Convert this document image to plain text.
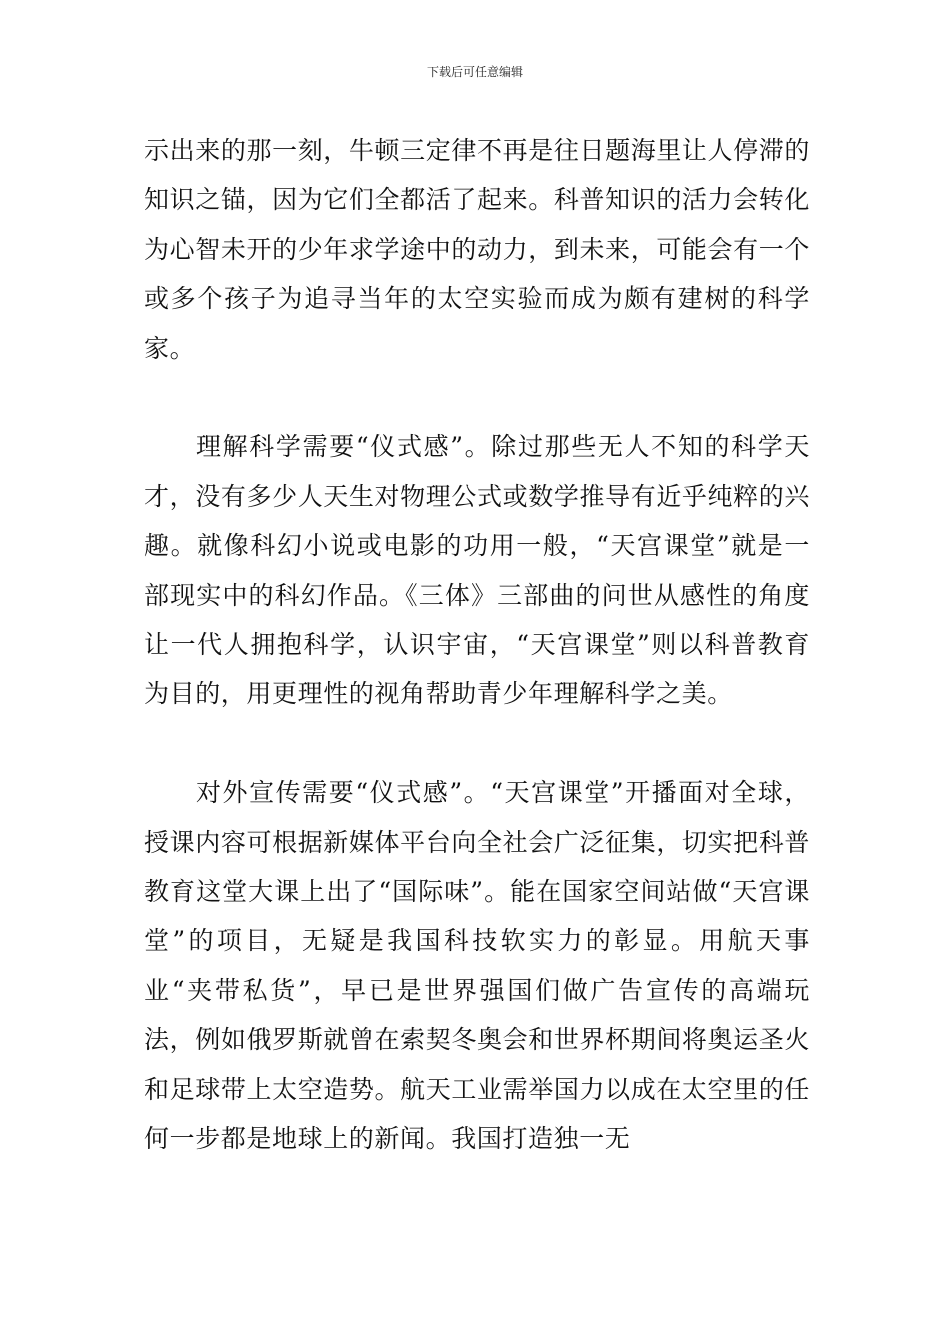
下载后可任意编辑

示出来的那一刻，牛顿三定律不再是往日题海里让人停滞的知识之锚，因为它们全都活了起来。科普知识的活力会转化为心智未开的少年求学途中的动力，到未来，可能会有一个或多个孩子为追寻当年的太空实验而成为颇有建树的科学家。

理解科学需要“仪式感”。除过那些无人不知的科学天才，没有多少人天生对物理公式或数学推导有近乎纯粹的兴趣。就像科幻小说或电影的功用一般，“天宫课堂”就是一部现实中的科幻作品。《三体》三部曲的问世从感性的角度让一代人拥抱科学，认识宇宙，“天宫课堂”则以科普教育为目的，用更理性的视角帮助青少年理解科学之美。

对外宣传需要“仪式感”。“天宫课堂”开播面对全球，授课内容可根据新媒体平台向全社会广泛征集，切实把科普教育这堂大课上出了“国际味”。能在国家空间站做“天宫课堂”的项目，无疑是我国科技软实力的彰显。用航天事业“夹带私货”，早已是世界强国们做广告宣传的高端玩法，例如俄罗斯就曾在索契冬奥会和世界杯期间将奥运圣火和足球带上太空造势。航天工业需举国力以成在太空里的任何一步都是地球上的新闻。我国打造独一无
